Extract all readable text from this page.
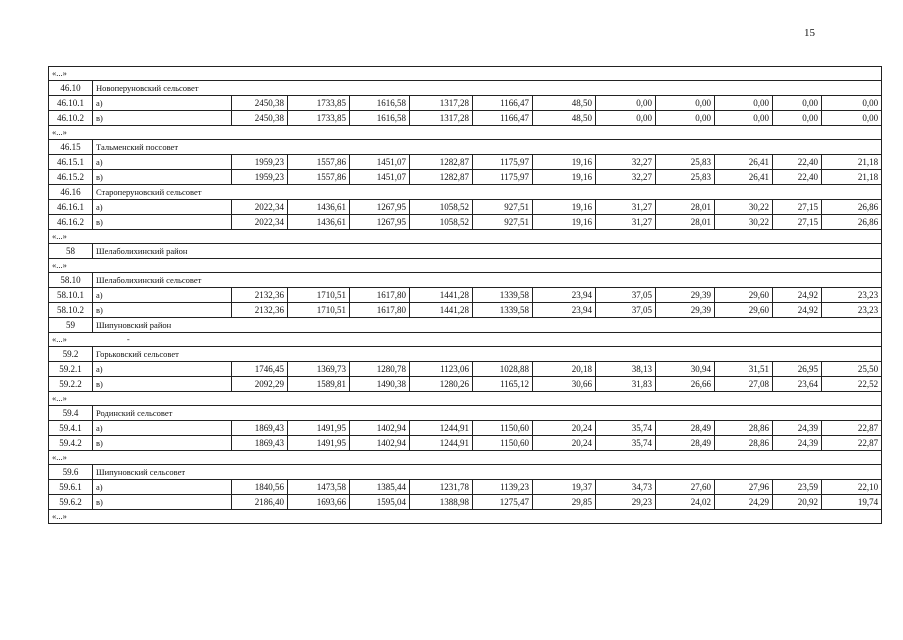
15
«...»												
46.10	Новоперуновский сельсовет											
46.10.1	а)	2450,38	1733,85	1616,58	1317,28	1166,47	48,50	0,00	0,00	0,00	0,00	0,00
46.10.2	в)	2450,38	1733,85	1616,58	1317,28	1166,47	48,50	0,00	0,00	0,00	0,00	0,00
«...»												
46.15	Тальменский поссовет											
46.15.1	а)	1959,23	1557,86	1451,07	1282,87	1175,97	19,16	32,27	25,83	26,41	22,40	21,18
46.15.2	в)	1959,23	1557,86	1451,07	1282,87	1175,97	19,16	32,27	25,83	26,41	22,40	21,18
46.16	Староперуновский сельсовет											
46.16.1	а)	2022,34	1436,61	1267,95	1058,52	927,51	19,16	31,27	28,01	30,22	27,15	26,86
46.16.2	в)	2022,34	1436,61	1267,95	1058,52	927,51	19,16	31,27	28,01	30,22	27,15	26,86
«...»												
58	Шелаболихинский район											
«...»												
58.10	Шелаболихинский сельсовет											
58.10.1	а)	2132,36	1710,51	1617,80	1441,28	1339,58	23,94	37,05	29,39	29,60	24,92	23,23
58.10.2	в)	2132,36	1710,51	1617,80	1441,28	1339,58	23,94	37,05	29,39	29,60	24,92	23,23
59	Шипуновский район											
«...» -												
59.2	Горьковский сельсовет											
59.2.1	а)	1746,45	1369,73	1280,78	1123,06	1028,88	20,18	38,13	30,94	31,51	26,95	25,50
59.2.2	в)	2092,29	1589,81	1490,38	1280,26	1165,12	30,66	31,83	26,66	27,08	23,64	22,52
«...»												
59.4	Родинский сельсовет											
59.4.1	а)	1869,43	1491,95	1402,94	1244,91	1150,60	20,24	35,74	28,49	28,86	24,39	22,87
59.4.2	в)	1869,43	1491,95	1402,94	1244,91	1150,60	20,24	35,74	28,49	28,86	24,39	22,87
«...»												
59.6	Шипуновский сельсовет											
59.6.1	а)	1840,56	1473,58	1385,44	1231,78	1139,23	19,37	34,73	27,60	27,96	23,59	22,10
59.6.2	в)	2186,40	1693,66	1595,04	1388,98	1275,47	29,85	29,23	24,02	24,29	20,92	19,74
«...»												
